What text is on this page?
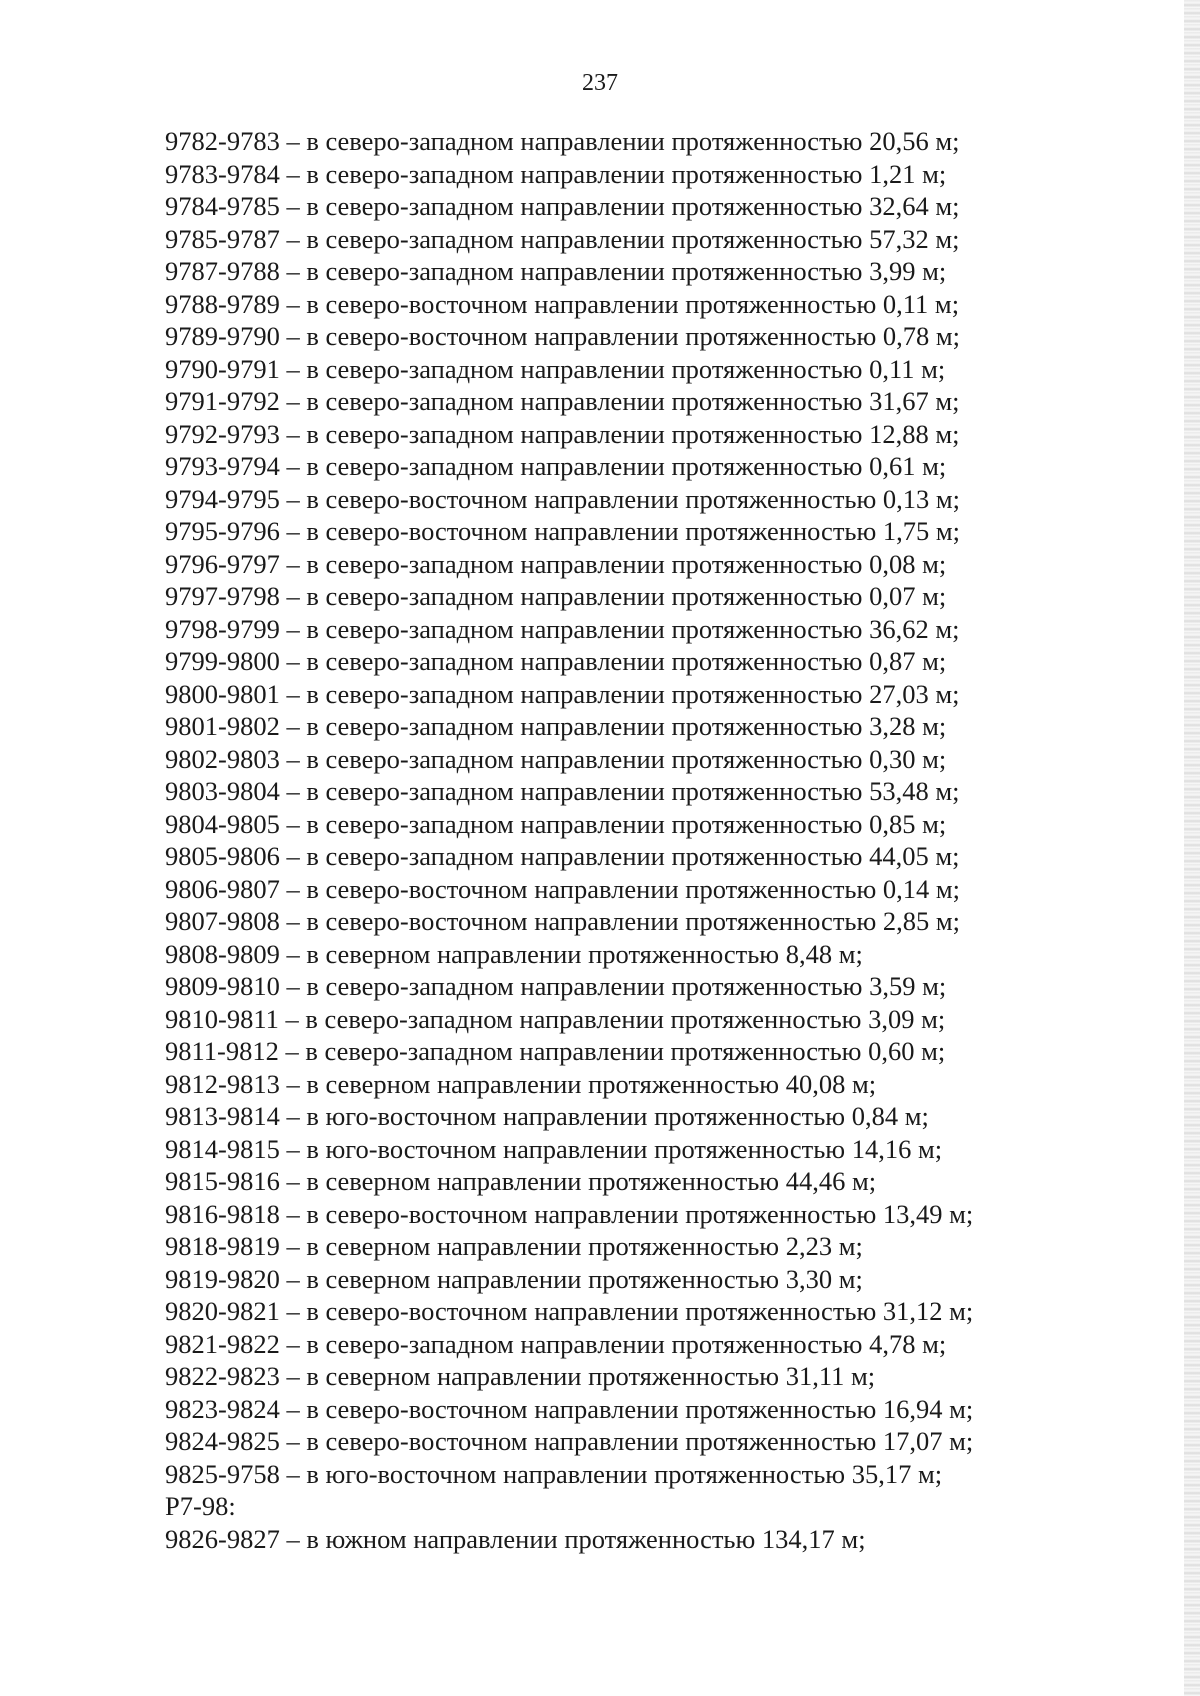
237
9782-9783 – в северо-западном направлении протяженностью 20,56 м;
9783-9784 – в северо-западном направлении протяженностью 1,21 м;
9784-9785 – в северо-западном направлении протяженностью 32,64 м;
9785-9787 – в северо-западном направлении протяженностью 57,32 м;
9787-9788 – в северо-западном направлении протяженностью 3,99 м;
9788-9789 – в северо-восточном направлении протяженностью 0,11 м;
9789-9790 – в северо-восточном направлении протяженностью 0,78 м;
9790-9791 – в северо-западном направлении протяженностью 0,11 м;
9791-9792 – в северо-западном направлении протяженностью 31,67 м;
9792-9793 – в северо-западном направлении протяженностью 12,88 м;
9793-9794 – в северо-западном направлении протяженностью 0,61 м;
9794-9795 – в северо-восточном направлении протяженностью 0,13 м;
9795-9796 – в северо-восточном направлении протяженностью 1,75 м;
9796-9797 – в северо-западном направлении протяженностью 0,08 м;
9797-9798 – в северо-западном направлении протяженностью 0,07 м;
9798-9799 – в северо-западном направлении протяженностью 36,62 м;
9799-9800 – в северо-западном направлении протяженностью 0,87 м;
9800-9801 – в северо-западном направлении протяженностью 27,03 м;
9801-9802 – в северо-западном направлении протяженностью 3,28 м;
9802-9803 – в северо-западном направлении протяженностью 0,30 м;
9803-9804 – в северо-западном направлении протяженностью 53,48 м;
9804-9805 – в северо-западном направлении протяженностью 0,85 м;
9805-9806 – в северо-западном направлении протяженностью 44,05 м;
9806-9807 – в северо-восточном направлении протяженностью 0,14 м;
9807-9808 – в северо-восточном направлении протяженностью 2,85 м;
9808-9809 – в северном направлении протяженностью 8,48 м;
9809-9810 – в северо-западном направлении протяженностью 3,59 м;
9810-9811 – в северо-западном направлении протяженностью 3,09 м;
9811-9812 – в северо-западном направлении протяженностью 0,60 м;
9812-9813 – в северном направлении протяженностью 40,08 м;
9813-9814 – в юго-восточном направлении протяженностью 0,84 м;
9814-9815 – в юго-восточном направлении протяженностью 14,16 м;
9815-9816 – в северном направлении протяженностью 44,46 м;
9816-9818 – в северо-восточном направлении протяженностью 13,49 м;
9818-9819 – в северном направлении протяженностью 2,23 м;
9819-9820 – в северном направлении протяженностью 3,30 м;
9820-9821 – в северо-восточном направлении протяженностью 31,12 м;
9821-9822 – в северо-западном направлении протяженностью 4,78 м;
9822-9823 – в северном направлении протяженностью 31,11 м;
9823-9824 – в северо-восточном направлении протяженностью 16,94 м;
9824-9825 – в северо-восточном направлении протяженностью 17,07 м;
9825-9758 – в юго-восточном направлении протяженностью 35,17 м;
Р7-98:
9826-9827 – в южном направлении протяженностью 134,17 м;
